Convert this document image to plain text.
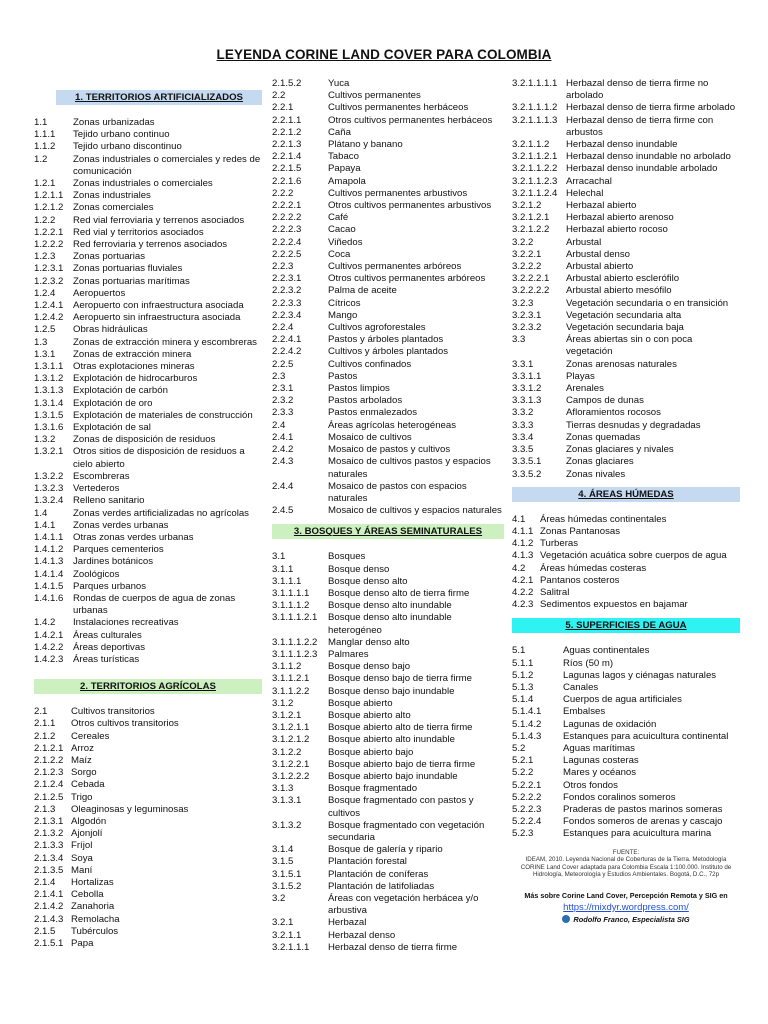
LEYENDA CORINE LAND COVER PARA COLOMBIA
1. TERRITORIOS ARTIFICIALIZADOS
1.1	Zonas urbanizadas
1.1.1	Tejido urbano continuo
1.1.2	Tejido urbano discontinuo
1.2	Zonas industriales o comerciales y redes de comunicación
1.2.1	Zonas industriales o comerciales
1.2.1.1	Zonas industriales
1.2.1.2	Zonas comerciales
1.2.2	Red vial ferroviaria y terrenos asociados
1.2.2.1	Red vial y territorios asociados
1.2.2.2	Red ferroviaria y terrenos asociados
1.2.3	Zonas portuarias
1.2.3.1	Zonas portuarias fluviales
1.2.3.2	Zonas portuarias marítimas
1.2.4	Aeropuertos
1.2.4.1	Aeropuerto con infraestructura asociada
1.2.4.2	Aeropuerto sin infraestructura asociada
1.2.5	Obras hidráulicas
1.3	Zonas de extracción minera y escombreras
1.3.1	Zonas de extracción minera
1.3.1.1	Otras explotaciones mineras
1.3.1.2	Explotación de hidrocarburos
1.3.1.3	Explotación de carbón
1.3.1.4	Explotación de oro
1.3.1.5	Explotación de materiales de construcción
1.3.1.6	Explotación de sal
1.3.2	Zonas de disposición de residuos
1.3.2.1	Otros sitios de disposición de residuos a cielo abierto
1.3.2.2	Escombreras
1.3.2.3	Vertederos
1.3.2.4	Relleno sanitario
1.4	Zonas verdes artificializadas no agrícolas
1.4.1	Zonas verdes urbanas
1.4.1.1	Otras zonas verdes urbanas
1.4.1.2	Parques cementerios
1.4.1.3	Jardines botánicos
1.4.1.4	Zoológicos
1.4.1.5	Parques urbanos
1.4.1.6	Rondas de cuerpos de agua de zonas urbanas
1.4.2	Instalaciones recreativas
1.4.2.1	Áreas culturales
1.4.2.2	Áreas deportivas
1.4.2.3	Áreas turísticas
2. TERRITORIOS AGRÍCOLAS
2.1	Cultivos transitorios
2.1.1	Otros cultivos transitorios
2.1.2	Cereales
2.1.2.1 Arroz
2.1.2.2 Maíz
2.1.2.3 Sorgo
2.1.2.4 Cebada
2.1.2.5 Trigo
2.1.3	Oleaginosas y leguminosas
2.1.3.1 Algodón
2.1.3.2 Ajonjolí
2.1.3.3 Fríjol
2.1.3.4 Soya
2.1.3.5 Maní
2.1.4	Hortalizas
2.1.4.1 Cebolla
2.1.4.2 Zanahoria
2.1.4.3 Remolacha
2.1.5	Tubérculos
2.1.5.1 Papa
2.1.5.2	Yuca
2.2	Cultivos permanentes
2.2.1	Cultivos permanentes herbáceos
2.2.1.1	Otros cultivos permanentes herbáceos
2.2.1.2	Caña
2.2.1.3	Plátano y banano
2.2.1.4	Tabaco
2.2.1.5	Papaya
2.2.1.6	Amapola
2.2.2	Cultivos permanentes arbustivos
2.2.2.1	Otros cultivos permanentes arbustivos
2.2.2.2	Café
2.2.2.3	Cacao
2.2.2.4	Viñedos
2.2.2.5	Coca
2.2.3	Cultivos permanentes arbóreos
2.2.3.1	Otros cultivos permanentes arbóreos
2.2.3.2	Palma de aceite
2.2.3.3	Cítricos
2.2.3.4	Mango
2.2.4	Cultivos agroforestales
2.2.4.1	Pastos y árboles plantados
2.2.4.2	Cultivos y árboles plantados
2.2.5	Cultivos confinados
2.3	Pastos
2.3.1	Pastos limpios
2.3.2	Pastos arbolados
2.3.3	Pastos enmalezados
2.4	Áreas agrícolas heterogéneas
2.4.1	Mosaico de cultivos
2.4.2	Mosaico de pastos y cultivos
2.4.3	Mosaico de cultivos pastos y espacios naturales
2.4.4	Mosaico de pastos con espacios naturales
2.4.5	Mosaico de cultivos y espacios naturales
3. BOSQUES Y ÁREAS SEMINATURALES
3.1	Bosques
3.1.1	Bosque denso
3.1.1.1	Bosque denso alto
3.1.1.1.1	Bosque denso alto de tierra firme
3.1.1.1.2	Bosque denso alto inundable
3.1.1.1.2.1	Bosque denso alto inundable heterogéneo
3.1.1.1.2.2	Manglar denso alto
3.1.1.1.2.3	Palmares
3.1.1.2	Bosque denso bajo
3.1.1.2.1	Bosque denso bajo de tierra firme
3.1.1.2.2	Bosque denso bajo inundable
3.1.2	Bosque abierto
3.1.2.1	Bosque abierto alto
3.1.2.1.1	Bosque abierto alto de tierra firme
3.1.2.1.2	Bosque abierto alto inundable
3.1.2.2	Bosque abierto bajo
3.1.2.2.1	Bosque abierto bajo de tierra firme
3.1.2.2.2	Bosque abierto bajo inundable
3.1.3	Bosque fragmentado
3.1.3.1	Bosque fragmentado con pastos y cultivos
3.1.3.2	Bosque fragmentado con vegetación secundaria
3.1.4	Bosque de galería y ripario
3.1.5	Plantación forestal
3.1.5.1	Plantación de coníferas
3.1.5.2	Plantación de latifoliadas
3.2	Áreas con vegetación herbácea y/o arbustiva
3.2.1	Herbazal
3.2.1.1	Herbazal denso
3.2.1.1.1	Herbazal denso de tierra firme
3.2.1.1.1.1 Herbazal denso de tierra firme no arbolado
3.2.1.1.1.2 Herbazal denso de tierra firme arbolado
3.2.1.1.1.3 Herbazal denso de tierra firme con arbustos
3.2.1.1.2	Herbazal denso inundable
3.2.1.1.2.1 Herbazal denso inundable no arbolado
3.2.1.1.2.2 Herbazal denso inundable arbolado
3.2.1.1.2.3 Arracachal
3.2.1.1.2.4 Helechal
3.2.1.2	Herbazal abierto
3.2.1.2.1	Herbazal abierto arenoso
3.2.1.2.2	Herbazal abierto rocoso
3.2.2	Arbustal
3.2.2.1	Arbustal denso
3.2.2.2	Arbustal abierto
3.2.2.2.1	Arbustal abierto esclerófilo
3.2.2.2.2	Arbustal abierto mesófilo
3.2.3	Vegetación secundaria o en transición
3.2.3.1	Vegetación secundaria alta
3.2.3.2	Vegetación secundaria baja
3.3	Áreas abiertas sin o con poca vegetación
3.3.1	Zonas arenosas naturales
3.3.1.1	Playas
3.3.1.2	Arenales
3.3.1.3	Campos de dunas
3.3.2	Afloramientos rocosos
3.3.3	Tierras desnudas y degradadas
3.3.4	Zonas quemadas
3.3.5	Zonas glaciares y nivales
3.3.5.1	Zonas glaciares
3.3.5.2	Zonas nivales
4. ÁREAS HÚMEDAS
4.1	Áreas húmedas continentales
4.1.1 Zonas Pantanosas
4.1.2 Turberas
4.1.3 Vegetación acuática sobre cuerpos de agua
4.2	Áreas húmedas costeras
4.2.1 Pantanos costeros
4.2.2 Salitral
4.2.3 Sedimentos expuestos en bajamar
5. SUPERFICIES DE AGUA
5.1	Aguas continentales
5.1.1	Ríos (50 m)
5.1.2	Lagunas lagos y ciénagas naturales
5.1.3	Canales
5.1.4	Cuerpos de agua artificiales
5.1.4.1	Embalses
5.1.4.2	Lagunas de oxidación
5.1.4.3	Estanques para acuicultura continental
5.2	Aguas marítimas
5.2.1	Lagunas costeras
5.2.2	Mares y océanos
5.2.2.1	Otros fondos
5.2.2.2	Fondos coralinos someros
5.2.2.3	Praderas de pastos marinos someras
5.2.2.4	Fondos someros de arenas y cascajo
5.2.3	Estanques para acuicultura marina
FUENTE:
IDEAM, 2010. Leyenda Nacional de Coberturas de la Tierra. Metodología CORINE Land Cover adaptada para Colombia Escala 1:100.000. Instituto de Hidrología, Meteorología y Estudios Ambientales. Bogotá, D.C., 72p
Más sobre Corine Land Cover, Percepción Remota y SIG en
https://mixdyr.wordpress.com/
Rodolfo Franco, Especialista SIG
